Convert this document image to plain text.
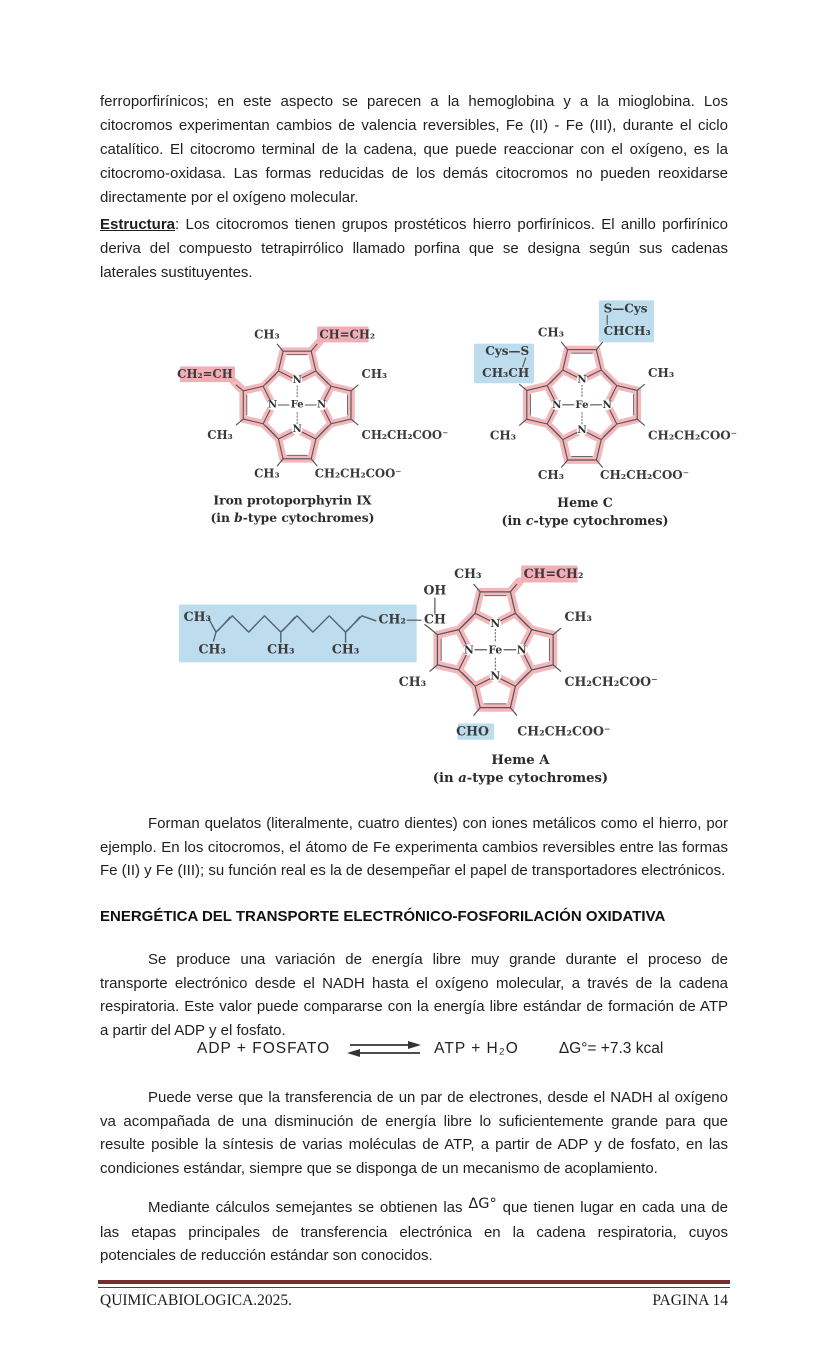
ferroporfirínicos; en este aspecto se parecen a la hemoglobina y a la mioglobina. Los citocromos experimentan cambios de valencia reversibles, Fe (II) - Fe (III), durante el ciclo catalítico. El citocromo terminal de la cadena, que puede reaccionar con el oxígeno, es la citocromo-oxidasa. Las formas reducidas de los demás citocromos no pueden reoxidarse directamente por el oxígeno molecular.

Estructura: Los citocromos tienen grupos prostéticos hierro porfirínicos. El anillo porfirínico deriva del compuesto tetrapirrólico llamado porfina que se designa según sus cadenas laterales sustituyentes.

CH₃ CH=CH₂
CH₂=CH
CH₃
CH₃
CH₂CH₂COO⁻
CH₃ CH₂CH₂COO⁻
Iron protoporphyrin IX
(in b-type cytochromes)
CH₃
S—Cys
CHCH₃
Cys—S
CH₃CH
CH₃
CH₃
CH₂CH₂COO⁻
CH₃ CH₂CH₂COO⁻
Heme C
(in c-type cytochromes)
OH
CH
CH₂
CH₃
CH₃ CH₃ CH₃
CH₃ CH=CH₂
CH₃
CH₂CH₂COO⁻
CH₃
CHO CH₂CH₂COO⁻
Heme A
(in a-type cytochromes)

Forman quelatos (literalmente, cuatro dientes) con iones metálicos como el hierro, por ejemplo. En los citocromos, el átomo de Fe experimenta cambios reversibles entre las formas Fe (II) y Fe (III); su función real es la de desempeñar el papel de transportadores electrónicos.

ENERGÉTICA DEL TRANSPORTE ELECTRÓNICO-FOSFORILACIÓN OXIDATIVA

Se produce una variación de energía libre muy grande durante el proceso de transporte electrónico desde el NADH hasta el oxígeno molecular, a través de la cadena respiratoria. Este valor puede compararse con la energía libre estándar de formación de ATP a partir del ADP y el fosfato.

ADP + FOSFATO	ATP + H₂O	ΔG°= +7.3 kcal

Puede verse que la transferencia de un par de electrones, desde el NADH al oxígeno va acompañada de una disminución de energía libre lo suficientemente grande para que resulte posible la síntesis de varias moléculas de ATP, a partir de ADP y de fosfato, en las condiciones estándar, siempre que se disponga de un mecanismo de acoplamiento.

Mediante cálculos semejantes se obtienen las ΔG° que tienen lugar en cada una de las etapas principales de transferencia electrónica en la cadena respiratoria, cuyos potenciales de reducción estándar son conocidos.

QUIMICABIOLOGICA.2025.	PAGINA 14
